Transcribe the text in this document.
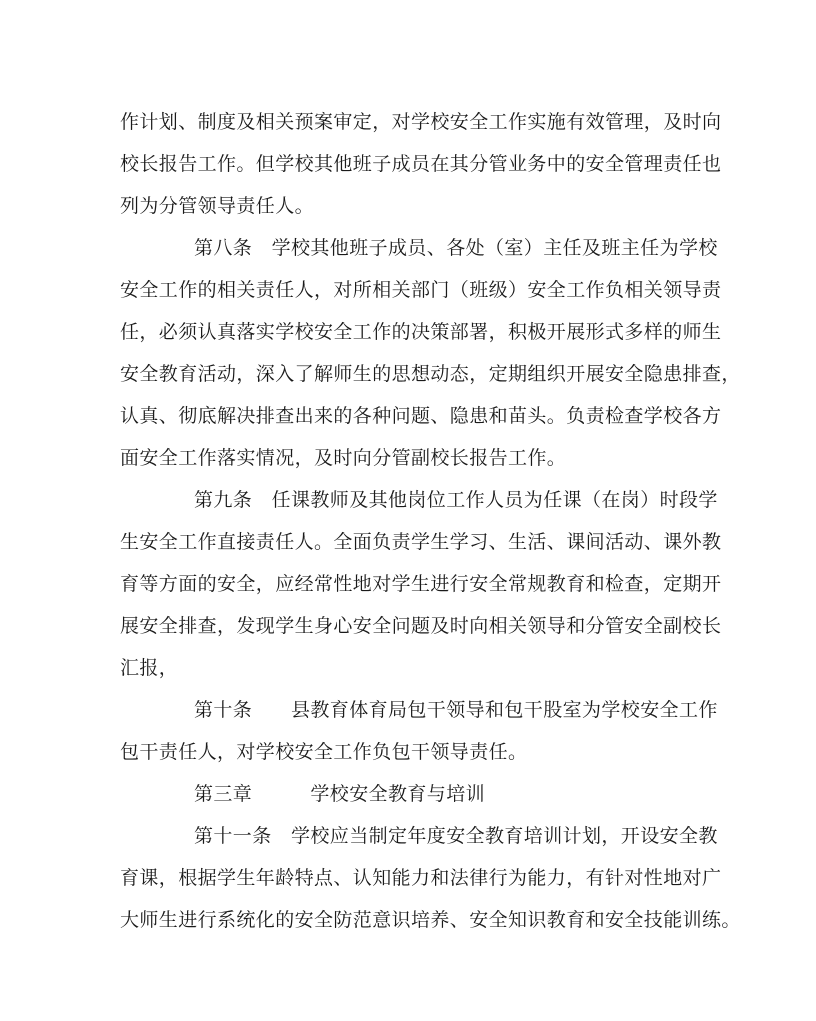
作计划、制度及相关预案审定，对学校安全工作实施有效管理，及时向
校长报告工作。但学校其他班子成员在其分管业务中的安全管理责任也
列为分管领导责任人。
第八条　学校其他班子成员、各处（室）主任及班主任为学校
安全工作的相关责任人，对所相关部门（班级）安全工作负相关领导责
任，必须认真落实学校安全工作的决策部署，积极开展形式多样的师生
安全教育活动，深入了解师生的思想动态，定期组织开展安全隐患排查，
认真、彻底解决排查出来的各种问题、隐患和苗头。负责检查学校各方
面安全工作落实情况，及时向分管副校长报告工作。
第九条　任课教师及其他岗位工作人员为任课（在岗）时段学
生安全工作直接责任人。全面负责学生学习、生活、课间活动、课外教
育等方面的安全，应经常性地对学生进行安全常规教育和检查，定期开
展安全排查，发现学生身心安全问题及时向相关领导和分管安全副校长
汇报，
第十条　　县教育体育局包干领导和包干股室为学校安全工作
包干责任人，对学校安全工作负包干领导责任。
第三章　　　学校安全教育与培训
第十一条　学校应当制定年度安全教育培训计划，开设安全教
育课，根据学生年龄特点、认知能力和法律行为能力，有针对性地对广
大师生进行系统化的安全防范意识培养、安全知识教育和安全技能训练。
